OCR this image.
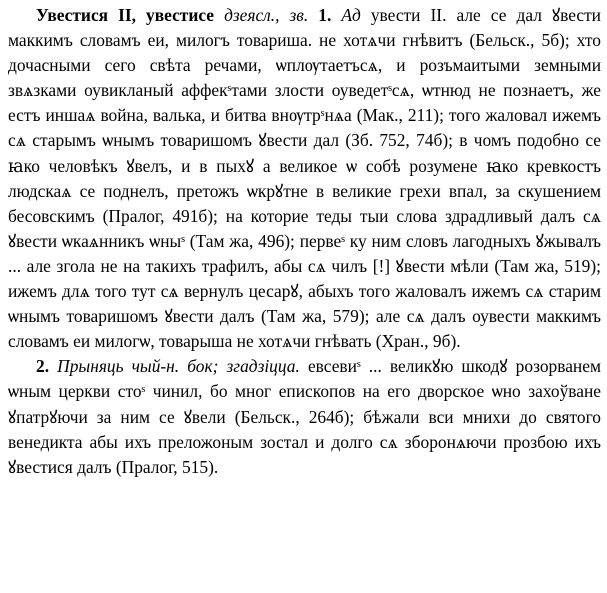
Увестися II, увестисе дзеясл., зв. 1. Ад увести II. але се дал ꙋвести маккимъ словамъ еи, милогъ товариша. не хотѧчи гнѣвитъ (Бельск., 5б); хто дочасными сего свѣта речами, ѡплѹтаетъсѧ, и розъмаитыми земными звѧзками оувиклaный аффекˢтами злости оуведетˢсѧ, ѡтнюд не познаетъ, же естъ иншаѧ война, валька, и битва внѹтрˢнѧа (Мак., 211); того жаловал ижемъ сѧ старымъ ѡнымъ товаришомъ ꙋвести дал (Зб. 752, 74б); в чомъ подобно се ꙗко человѣкъ ꙋвелъ, и в пыхꙋ а великое ѡ собѣ розумене ꙗко кревкостъ людскаѧ се поднелъ, претожъ ѡкрꙋтне в великие грехи впал, за скушением бесовскимъ (Пралог, 491б); на которие теды тыи слова здрадливый далъ сѧ ꙋвести ѡкаѧнникъ ѡныˢ (Там жа, 496); первеˢ ку ним словъ лагодныхъ ꙋжывалъ ... але згола не на такихъ трафилъ, абы сѧ чилъ [!] ꙋвести мѣли (Там жа, 519); ижемъ длѧ того тут сѧ вернулъ цесарꙋ, абыхъ того жаловалъ ижемъ сѧ старим ѡнымъ товаришомъ ꙋвести далъ (Там жа, 579); але сѧ далъ оувести маккимъ словамъ еи милогѡ, товарыша не хотѧчи гнѣвать (Хран., 9б).

2. Прыняць чый-н. бок; згадзіцца. евсевиˢ ... великꙋю шкодꙋ розорванем ѡным церкви стоˢ чинил, бо мног епископов на его дворское ѡно захоўване ꙋпатрꙋючи за ним се ꙋвели (Бельск., 264б); бѣжали вси мнихи до святого венедикта абы ихъ преложоным зостал и долго сѧ зборонѧючи прозбою ихъ ꙋвестися далъ (Пралог, 515).
